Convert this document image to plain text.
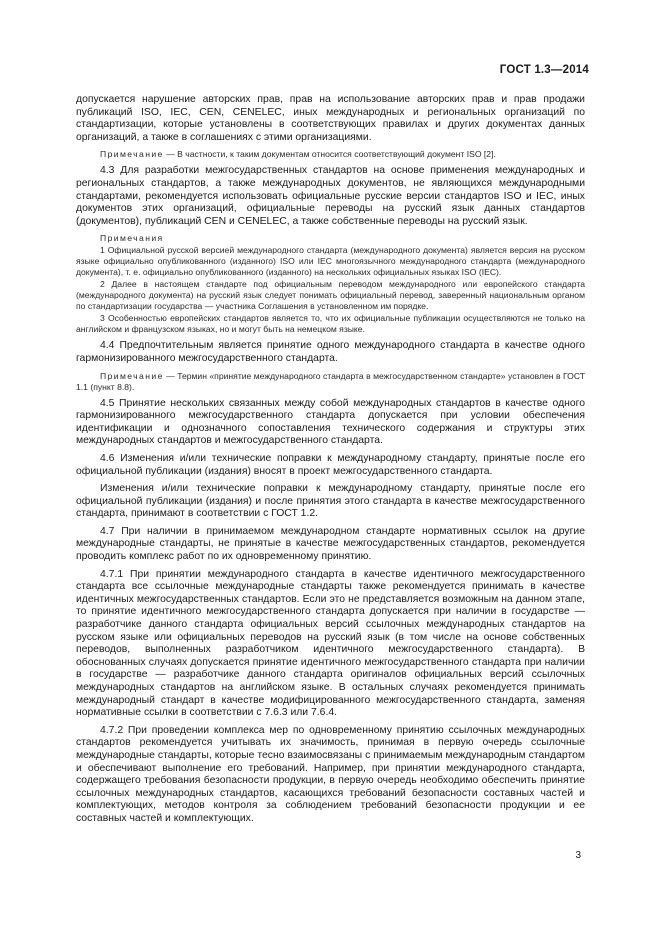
ГОСТ 1.3—2014

допускается нарушение авторских прав, прав на использование авторских прав и прав продажи публикаций ISO, IEC, CEN, CENELEC, иных международных и региональных организаций по стандартизации, которые установлены в соответствующих правилах и других документах данных организаций, а также в соглашениях с этими организациями.

Примечание — В частности, к таким документам относится соответствующий документ ISO [2].

4.3 Для разработки межгосударственных стандартов на основе применения международных и региональных стандартов, а также международных документов, не являющихся международными стандартами, рекомендуется использовать официальные русские версии стандартов ISO и IEC, иных документов этих организаций, официальные переводы на русский язык данных стандартов (документов), публикаций CEN и CENELEC, а также собственные переводы на русский язык.

Примечания

1 Официальной русской версией международного стандарта (международного документа) является версия на русском языке официально опубликованного (изданного) ISO или IEC многоязычного международного стандарта (международного документа), т. е. официально опубликованного (изданного) на нескольких официальных языках ISO (IEC).

2 Далее в настоящем стандарте под официальным переводом международного или европейского стандарта (международного документа) на русский язык следует понимать официальный перевод, заверенный национальным органом по стандартизации государства — участника Соглашения в установленном им порядке.

3 Особенностью европейских стандартов является то, что их официальные публикации осуществляются не только на английском и французском языках, но и могут быть на немецком языке.

4.4 Предпочтительным является принятие одного международного стандарта в качестве одного гармонизированного межгосударственного стандарта.

Примечание — Термин «принятие международного стандарта в межгосударственном стандарте» установлен в ГОСТ 1.1 (пункт 8.8).

4.5 Принятие нескольких связанных между собой международных стандартов в качестве одного гармонизированного межгосударственного стандарта допускается при условии обеспечения идентификации и однозначного сопоставления технического содержания и структуры этих международных стандартов и межгосударственного стандарта.

4.6 Изменения и/или технические поправки к международному стандарту, принятые после его официальной публикации (издания) вносят в проект межгосударственного стандарта.

Изменения и/или технические поправки к международному стандарту, принятые после его официальной публикации (издания) и после принятия этого стандарта в качестве межгосударственного стандарта, принимают в соответствии с ГОСТ 1.2.

4.7 При наличии в принимаемом международном стандарте нормативных ссылок на другие международные стандарты, не принятые в качестве межгосударственных стандартов, рекомендуется проводить комплекс работ по их одновременному принятию.

4.7.1 При принятии международного стандарта в качестве идентичного межгосударственного стандарта все ссылочные международные стандарты также рекомендуется принимать в качестве идентичных межгосударственных стандартов. Если это не представляется возможным на данном этапе, то принятие идентичного межгосударственного стандарта допускается при наличии в государстве — разработчике данного стандарта официальных версий ссылочных международных стандартов на русском языке или официальных переводов на русский язык (в том числе на основе собственных переводов, выполненных разработчиком идентичного межгосударственного стандарта). В обоснованных случаях допускается принятие идентичного межгосударственного стандарта при наличии в государстве — разработчике данного стандарта оригиналов официальных версий ссылочных международных стандартов на английском языке. В остальных случаях рекомендуется принимать международный стандарт в качестве модифицированного межгосударственного стандарта, заменяя нормативные ссылки в соответствии с 7.6.3 или 7.6.4.

4.7.2 При проведении комплекса мер по одновременному принятию ссылочных международных стандартов рекомендуется учитывать их значимость, принимая в первую очередь ссылочные международные стандарты, которые тесно взаимосвязаны с принимаемым международным стандартом и обеспечивают выполнение его требований. Например, при принятии международного стандарта, содержащего требования безопасности продукции, в первую очередь необходимо обеспечить принятие ссылочных международных стандартов, касающихся требований безопасности составных частей и комплектующих, методов контроля за соблюдением требований безопасности продукции и ее составных частей и комплектующих.

3
